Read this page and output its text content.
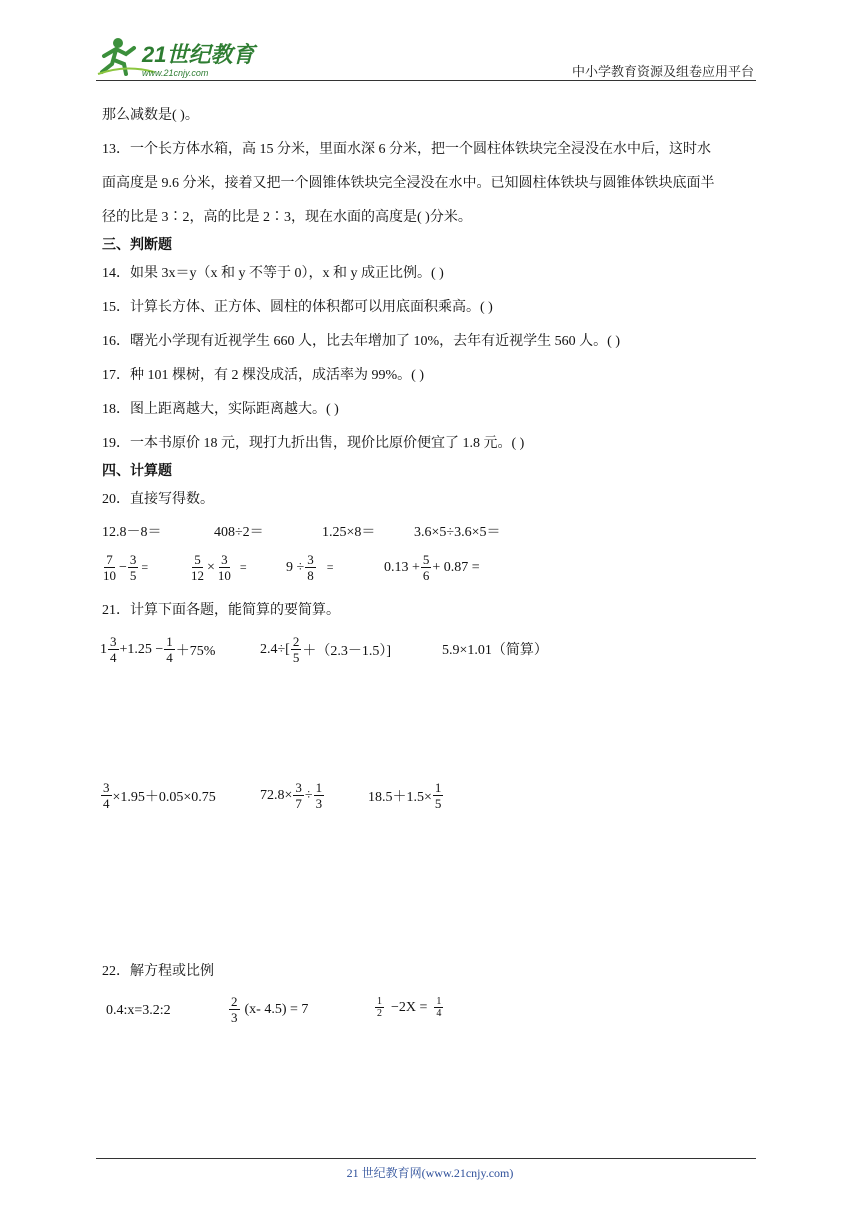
21世纪教育
www.21cnjy.com	中小学教育资源及组卷应用平台
那么减数是( )。
13．一个长方体水箱，高 15 分米，里面水深 6 分米，把一个圆柱体铁块完全浸没在水中后，这时水
面高度是 9.6 分米，接着又把一个圆锥体铁块完全浸没在水中。已知圆柱体铁块与圆锥体铁块底面半
径的比是 3∶2，高的比是 2∶3，现在水面的高度是( )分米。
三、判断题
14．如果 3x＝y（x 和 y 不等于 0），x 和 y 成正比例。( )
15．计算长方体、正方体、圆柱的体积都可以用底面积乘高。( )
16．曙光小学现有近视学生 660 人，比去年增加了 10%，去年有近视学生 560 人。( )
17．种 101 棵树，有 2 棵没成活，成活率为 99%。( )
18．图上距离越大，实际距离越大。( )
19．一本书原价 18 元，现打九折出售，现价比原价便宜了 1.8 元。( )
四、计算题
20．直接写得数。
12.8－8＝	408÷2＝	1.25×8＝	3.6×5÷3.6×5＝
$\frac{7}{10} - \frac{3}{5}$ =	$\frac{5}{12} \times \frac{3}{10}$ =	$9 \div \frac{3}{8}$ =	$0.13 + \frac{5}{6} + 0.87$ =
21．计算下面各题，能简算的要简算。
$1 \frac{3}{4} +1.25 - \frac{1}{4} +75\%$	$2.4\div[ \frac{2}{5} +(2.3-1.5)]$	5.9×1.01（简算）
$\frac{3}{4} \times 1.95+0.05\times 0.75$	$72.8\times \frac{3}{7} \div \frac{1}{3}$	$18.5+1.5\times \frac{1}{5}$
22．解方程或比例
0.4:x=3.2:2	$\frac{2}{3} (x-$ 4.5) = 7	$\frac{1}{2} -2X = \frac{1}{4}$
21 世纪教育网(www.21cnjy.com)
